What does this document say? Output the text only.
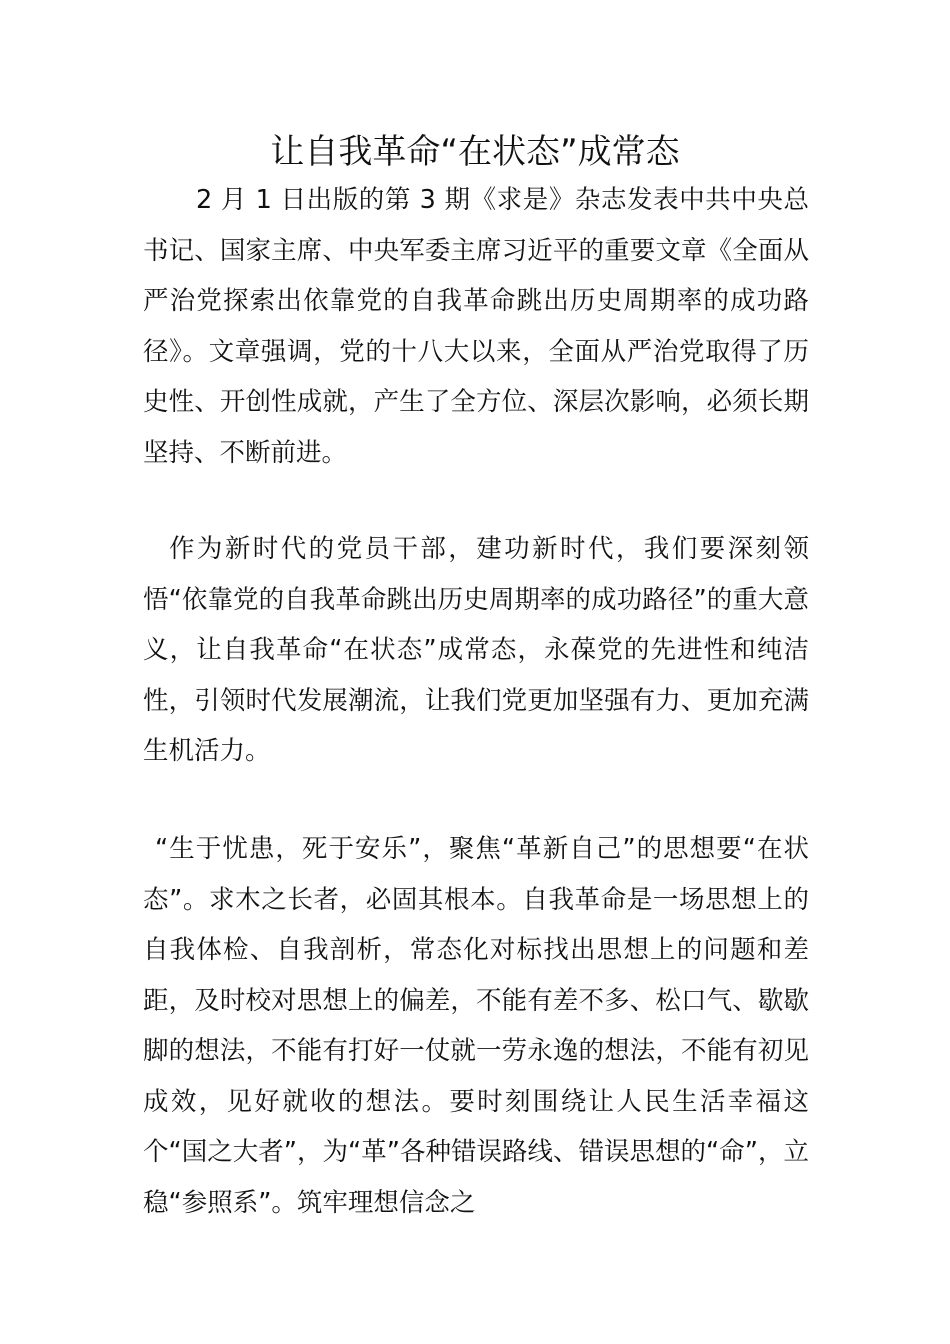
让自我革命“在状态”成常态

2 月 1 日出版的第 3 期《求是》杂志发表中共中央总书记、国家主席、中央军委主席习近平的重要文章《全面从严治党探索出依靠党的自我革命跳出历史周期率的成功路径》。文章强调，党的十八大以来，全面从严治党取得了历史性、开创性成就，产生了全方位、深层次影响，必须长期坚持、不断前进。

作为新时代的党员干部，建功新时代，我们要深刻领悟“依靠党的自我革命跳出历史周期率的成功路径”的重大意义，让自我革命“在状态”成常态，永葆党的先进性和纯洁性，引领时代发展潮流，让我们党更加坚强有力、更加充满生机活力。

“生于忧患，死于安乐”，聚焦“革新自己”的思想要“在状态”。求木之长者，必固其根本。自我革命是一场思想上的自我体检、自我剖析，常态化对标找出思想上的问题和差距，及时校对思想上的偏差，不能有差不多、松口气、歇歇脚的想法，不能有打好一仗就一劳永逸的想法，不能有初见成效，见好就收的想法。要时刻围绕让人民生活幸福这个“国之大者”，为“革”各种错误路线、错误思想的“命”，立稳“参照系”。筑牢理想信念之
